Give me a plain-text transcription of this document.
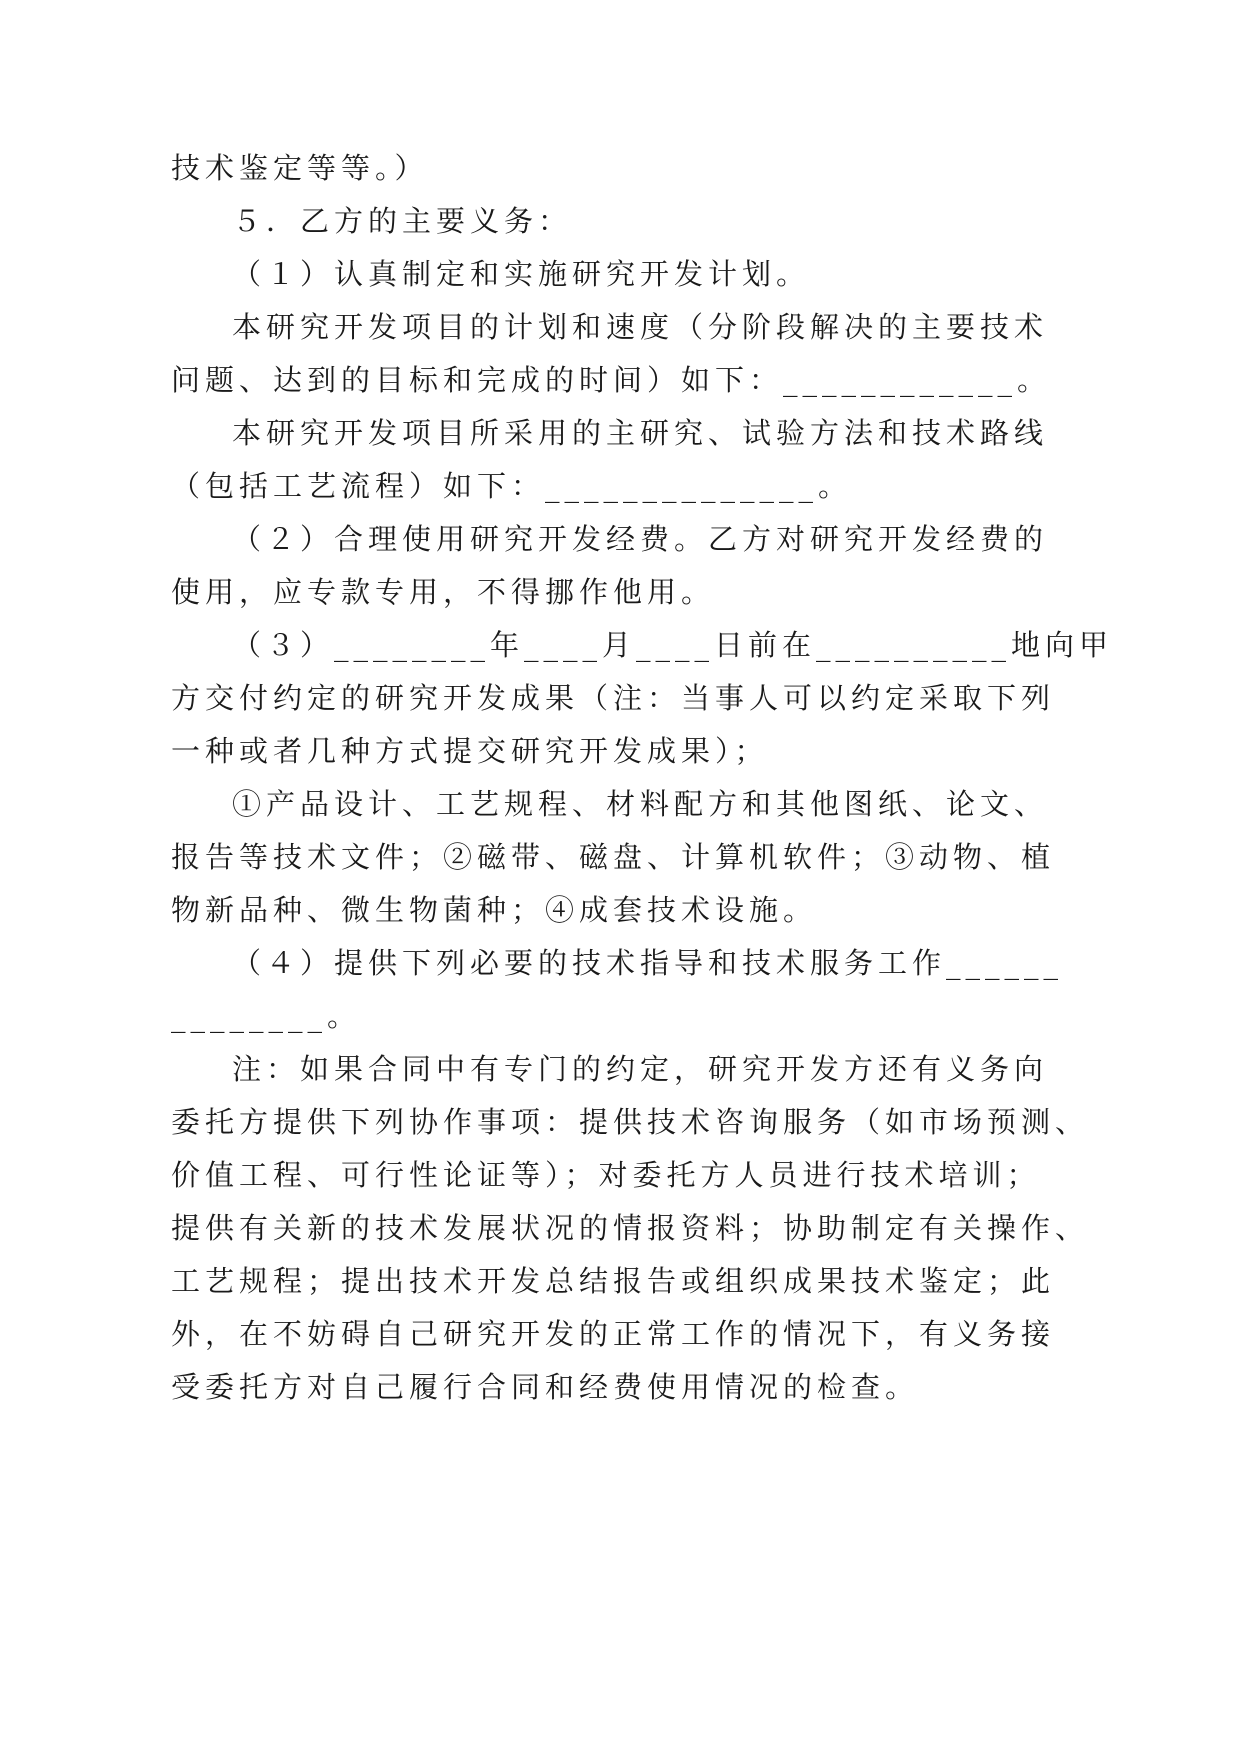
技术鉴定等等。）
５．乙方的主要义务：
（１）认真制定和实施研究开发计划。
本研究开发项目的计划和速度（分阶段解决的主要技术
问题、达到的目标和完成的时间）如下：____________。
本研究开发项目所采用的主研究、试验方法和技术路线
（包括工艺流程）如下：______________。
（２）合理使用研究开发经费。乙方对研究开发经费的
使用，应专款专用，不得挪作他用。
（３）________年____月____日前在__________地向甲
方交付约定的研究开发成果（注：当事人可以约定采取下列
一种或者几种方式提交研究开发成果）；
①产品设计、工艺规程、材料配方和其他图纸、论文、
报告等技术文件；②磁带、磁盘、计算机软件；③动物、植
物新品种、微生物菌种；④成套技术设施。
（４）提供下列必要的技术指导和技术服务工作______
________。
注：如果合同中有专门的约定，研究开发方还有义务向
委托方提供下列协作事项：提供技术咨询服务（如市场预测、
价值工程、可行性论证等）；对委托方人员进行技术培训；
提供有关新的技术发展状况的情报资料；协助制定有关操作、
工艺规程；提出技术开发总结报告或组织成果技术鉴定；此
外，在不妨碍自己研究开发的正常工作的情况下，有义务接
受委托方对自己履行合同和经费使用情况的检查。
